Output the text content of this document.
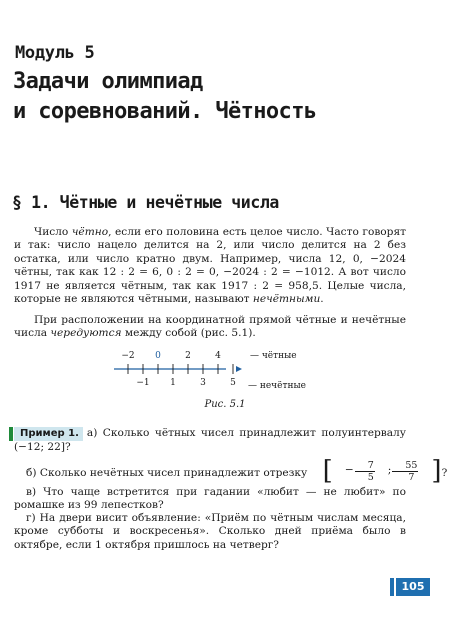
Модуль 5
Задачи олимпиад
и соревнований. Чётность
§ 1. Чётные и нечётные числа
Число чётно, если его половина есть целое число. Часто говорят и так: число нацело делится на 2, или число делится на 2 без остатка, или число кратно двум. Например, числа 12, 0, −2024 чётны, так как 12 : 2 = 6, 0 : 2 = 0, −2024 : 2 = −1012. А вот число 1917 не является чётным, так как 1917 : 2 = 958,5. Целые числа, которые не являются чётными, называют нечётными.
При расположении на координатной прямой чётные и нечётные числа чередуются между собой (рис. 5.1).
−2 0	2	4	— чётные
−1 1	3	5 — нечётные
Рис. 5.1
Пример 1. а) Сколько чётных чисел принадлежит полуинтервалу (−12; 22]?
б) Сколько нечётных чисел принадлежит отрезку [	− $\frac{7}{5}$	; $\frac{55}{7}$ ] ?
в) Что чаще встретится при гадании «любит — не любит» по ромашке из 99 лепестков?
г) На двери висит объявление: «Приём по чётным числам месяца, кроме субботы и воскресенья». Сколько дней приёма было в октябре, если 1 октября пришлось на четверг?
105
